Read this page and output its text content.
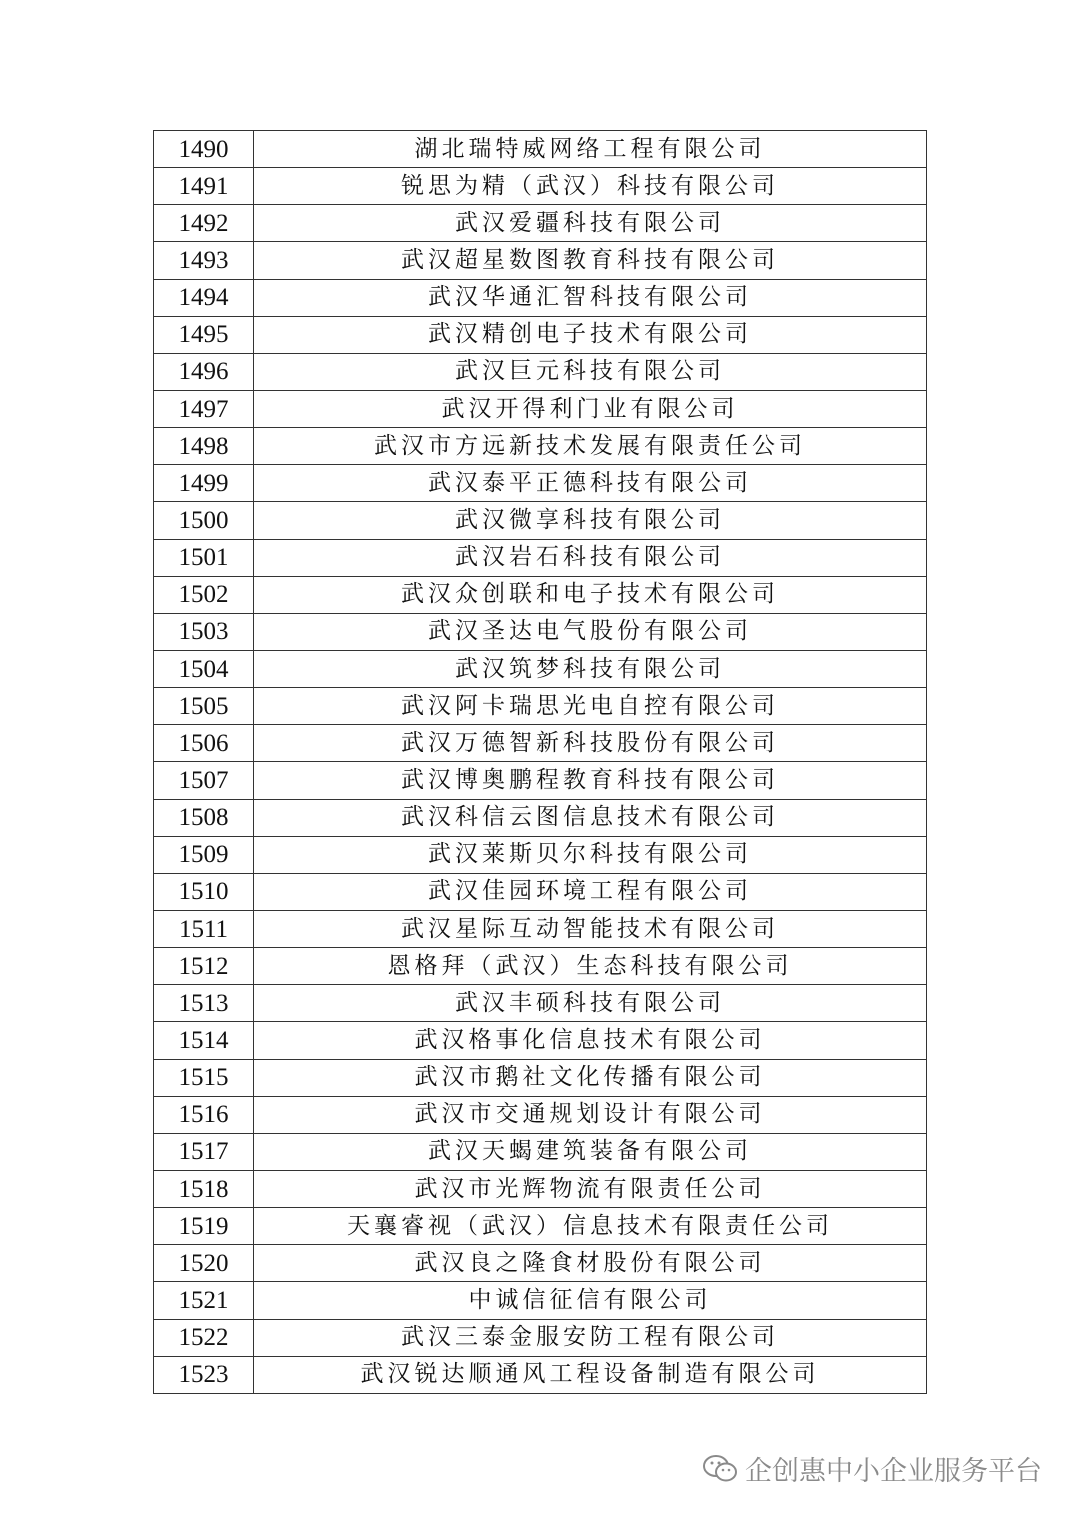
1490	湖北瑞特威网络工程有限公司
1491	锐思为精（武汉）科技有限公司
1492	武汉爱疆科技有限公司
1493	武汉超星数图教育科技有限公司
1494	武汉华通汇智科技有限公司
1495	武汉精创电子技术有限公司
1496	武汉巨元科技有限公司
1497	武汉开得利门业有限公司
1498	武汉市方远新技术发展有限责任公司
1499	武汉泰平正德科技有限公司
1500	武汉微享科技有限公司
1501	武汉岩石科技有限公司
1502	武汉众创联和电子技术有限公司
1503	武汉圣达电气股份有限公司
1504	武汉筑梦科技有限公司
1505	武汉阿卡瑞思光电自控有限公司
1506	武汉万德智新科技股份有限公司
1507	武汉博奥鹏程教育科技有限公司
1508	武汉科信云图信息技术有限公司
1509	武汉莱斯贝尔科技有限公司
1510	武汉佳园环境工程有限公司
1511	武汉星际互动智能技术有限公司
1512	恩格拜（武汉）生态科技有限公司
1513	武汉丰硕科技有限公司
1514	武汉格事化信息技术有限公司
1515	武汉市鹅社文化传播有限公司
1516	武汉市交通规划设计有限公司
1517	武汉天蝎建筑装备有限公司
1518	武汉市光辉物流有限责任公司
1519	天襄睿视（武汉）信息技术有限责任公司
1520	武汉良之隆食材股份有限公司
1521	中诚信征信有限公司
1522	武汉三泰金服安防工程有限公司
1523	武汉锐达顺通风工程设备制造有限公司
企创惠中小企业服务平台
